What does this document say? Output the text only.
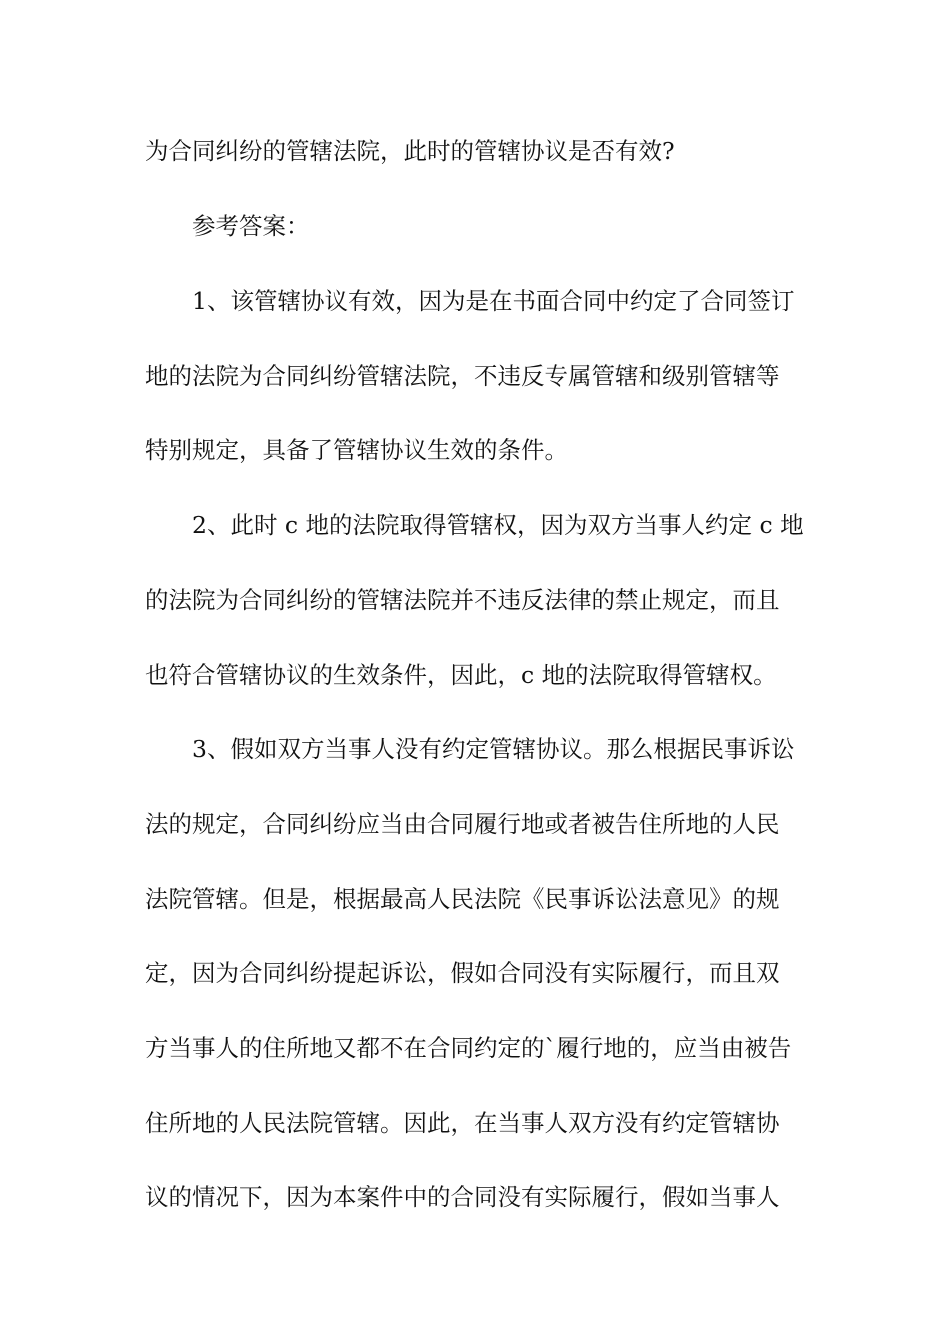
为合同纠纷的管辖法院，此时的管辖协议是否有效?
参考答案：
1、该管辖协议有效，因为是在书面合同中约定了合同签订
地的法院为合同纠纷管辖法院，不违反专属管辖和级别管辖等
特别规定，具备了管辖协议生效的条件。
2、此时 c 地的法院取得管辖权，因为双方当事人约定 c 地
的法院为合同纠纷的管辖法院并不违反法律的禁止规定，而且
也符合管辖协议的生效条件，因此，c 地的法院取得管辖权。
3、假如双方当事人没有约定管辖协议。那么根据民事诉讼
法的规定，合同纠纷应当由合同履行地或者被告住所地的人民
法院管辖。但是，根据最高人民法院《民事诉讼法意见》的规
定，因为合同纠纷提起诉讼，假如合同没有实际履行，而且双
方当事人的住所地又都不在合同约定的`履行地的，应当由被告
住所地的人民法院管辖。因此，在当事人双方没有约定管辖协
议的情况下，因为本案件中的合同没有实际履行，假如当事人
